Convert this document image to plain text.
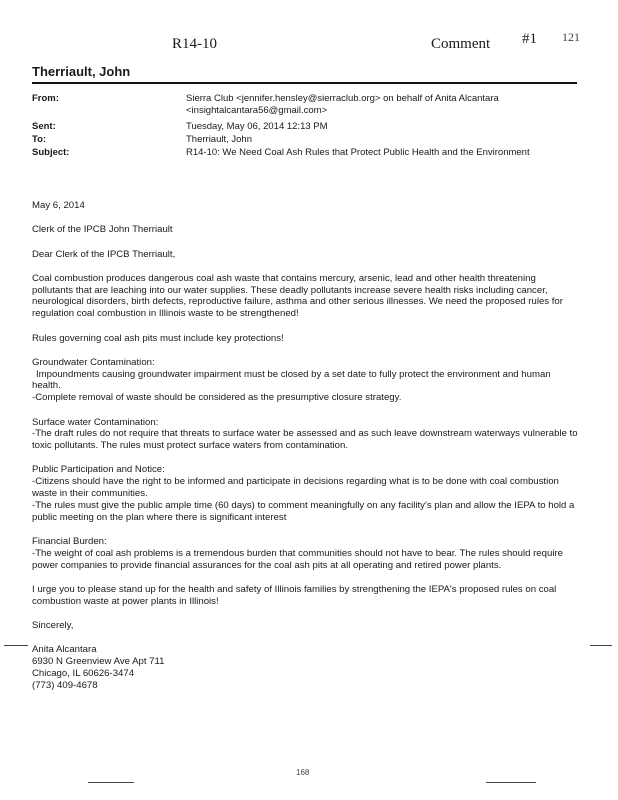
R14-10	Comment #1 121
Therriault, John
From:	Sierra Club <jennifer.hensley@sierraclub.org> on behalf of Anita Alcantara <insightalcantara56@gmail.com>
Sent:	Tuesday, May 06, 2014 12:13 PM
To:	Therriault, John
Subject:	R14-10: We Need Coal Ash Rules that Protect Public Health and the Environment

May 6, 2014

Clerk of the IPCB John Therriault

Dear Clerk of the IPCB Therriault,

Coal combustion produces dangerous coal ash waste that contains mercury, arsenic, lead and other health threatening pollutants that are leaching into our water supplies. These deadly pollutants increase severe health risks including cancer, neurological disorders, birth defects, reproductive failure, asthma and other serious illnesses. We need the proposed rules for regulation coal combustion in Illinois waste to be strengthened!

Rules governing coal ash pits must include key protections!

Groundwater Contamination:

Impoundments causing groundwater impairment must be closed by a set date to fully protect the environment and human health.

-Complete removal of waste should be considered as the presumptive closure strategy.

Surface water Contamination:

-The draft rules do not require that threats to surface water be assessed and as such leave downstream waterways vulnerable to toxic pollutants. The rules must protect surface waters from contamination.

Public Participation and Notice:

-Citizens should have the right to be informed and participate in decisions regarding what is to be done with coal combustion waste in their communities.

-The rules must give the public ample time (60 days) to comment meaningfully on any facility's plan and allow the IEPA to hold a public meeting on the plan where there is significant interest

Financial Burden:

-The weight of coal ash problems is a tremendous burden that communities should not have to bear. The rules should require power companies to provide financial assurances for the coal ash pits at all operating and retired power plants.

I urge you to please stand up for the health and safety of Illinois families by strengthening the IEPA's proposed rules on coal combustion waste at power plants in Illinois!

Sincerely,

Anita Alcantara

6930 N Greenview Ave Apt 711

Chicago, IL 60626-3474

(773) 409-4678

168
